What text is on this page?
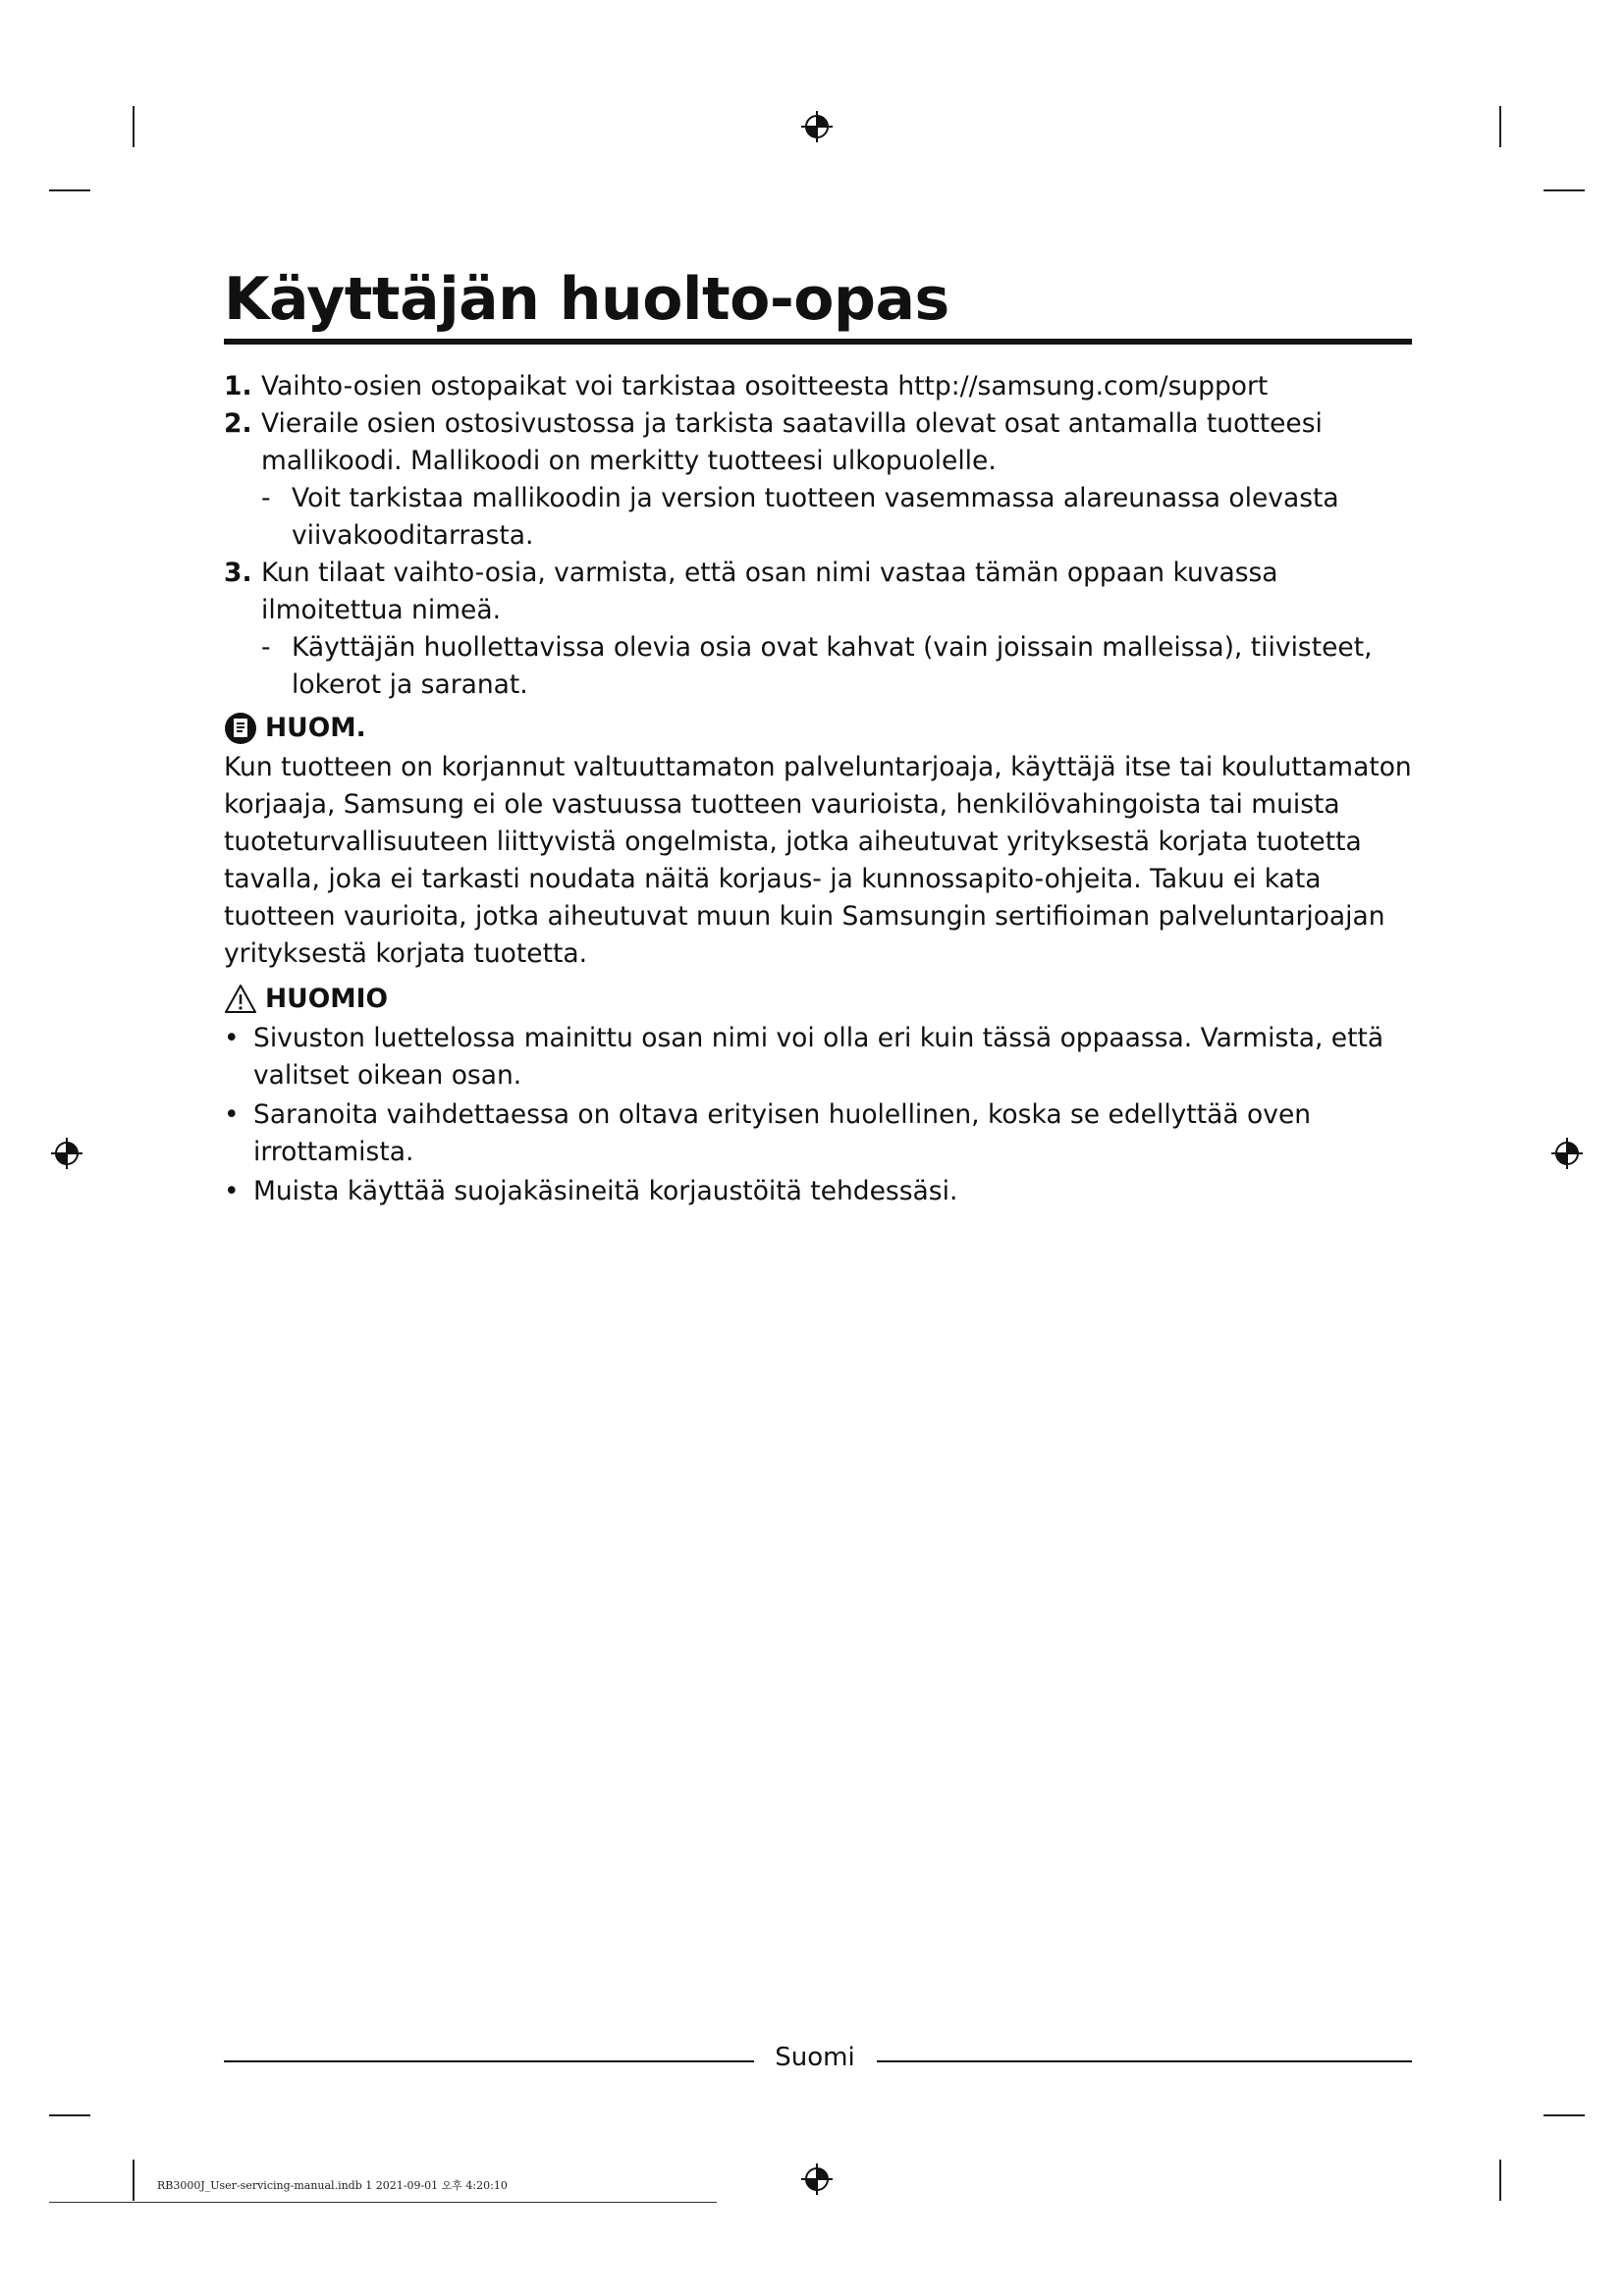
Käyttäjän huolto-opas
1. Vaihto-osien ostopaikat voi tarkistaa osoitteesta http://samsung.com/support
2. Vieraile osien ostosivustossa ja tarkista saatavilla olevat osat antamalla tuotteesi mallikoodi. Mallikoodi on merkitty tuotteesi ulkopuolelle.
- Voit tarkistaa mallikoodin ja version tuotteen vasemmassa alareunassa olevasta viivakooditarrasta.
3. Kun tilaat vaihto-osia, varmista, että osan nimi vastaa tämän oppaan kuvassa ilmoitettua nimeä.
- Käyttäjän huollettavissa olevia osia ovat kahvat (vain joissain malleissa), tiivisteet, lokerot ja saranat.
HUOM.

Kun tuotteen on korjannut valtuuttamaton palveluntarjoaja, käyttäjä itse tai kouluttamaton korjaaja, Samsung ei ole vastuussa tuotteen vaurioista, henkilövahingoista tai muista tuoteturvallisuuteen liittyvistä ongelmista, jotka aiheutuvat yrityksestä korjata tuotetta tavalla, joka ei tarkasti noudata näitä korjaus- ja kunnossapito-ohjeita. Takuu ei kata tuotteen vaurioita, jotka aiheutuvat muun kuin Samsungin sertifioiman palveluntarjoajan yrityksestä korjata tuotetta.

HUOMIO
• Sivuston luettelossa mainittu osan nimi voi olla eri kuin tässä oppaassa. Varmista, että valitset oikean osan.
• Saranoita vaihdettaessa on oltava erityisen huolellinen, koska se edellyttää oven irrottamista.
• Muista käyttää suojakäsineitä korjaustöitä tehdessäsi.
Suomi
RB3000J_User-servicing-manual.indb 1 2021-09-01 오후 4:20:10
